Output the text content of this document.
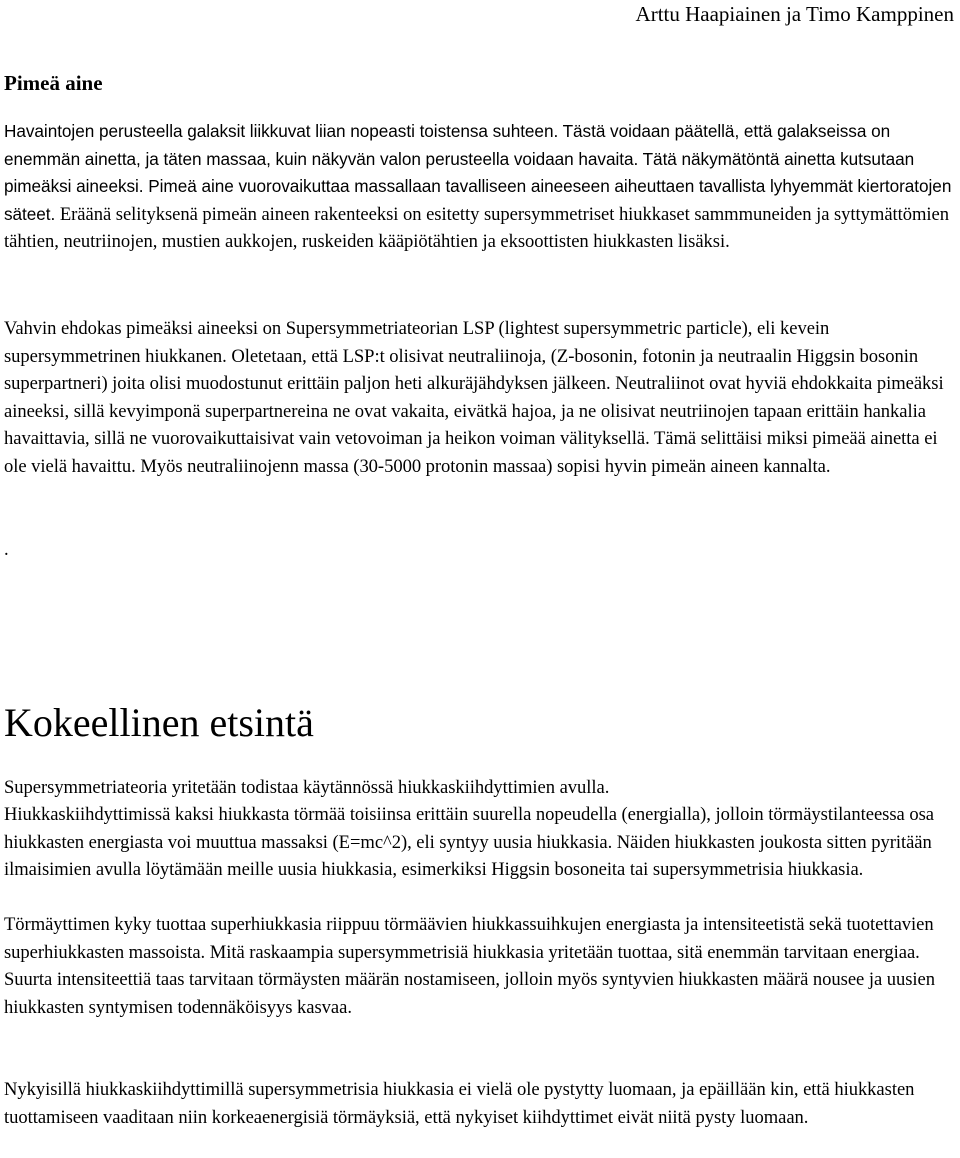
Arttu Haapiainen ja Timo Kamppinen
Pimeä aine

Havaintojen perusteella galaksit liikkuvat liian nopeasti toistensa suhteen. Tästä voidaan päätellä, että galakseissa on enemmän ainetta, ja täten massaa, kuin näkyvän valon perusteella voidaan havaita. Tätä näkymätöntä ainetta kutsutaan pimeäksi aineeksi. Pimeä aine vuorovaikuttaa massallaan tavalliseen aineeseen aiheuttaen tavallista lyhyemmät kiertoratojen säteet. Eräänä selityksenä pimeän aineen rakenteeksi on esitetty supersymmetriset hiukkaset sammmuneiden ja syttymättömien tähtien, neutriinojen, mustien aukkojen, ruskeiden kääpiötähtien ja eksoottisten hiukkasten lisäksi.

Vahvin ehdokas pimeäksi aineeksi on Supersymmetriateorian LSP (lightest supersymmetric particle), eli kevein supersymmetrinen hiukkanen. Oletetaan, että LSP:t olisivat neutraliinoja, (Z-bosonin, fotonin ja neutraalin Higgsin bosonin superpartneri) joita olisi muodostunut erittäin paljon heti alkuräjähdyksen jälkeen. Neutraliinot ovat hyviä ehdokkaita pimeäksi aineeksi, sillä kevyimponä superpartnereina ne ovat vakaita, eivätkä hajoa, ja ne olisivat neutriinojen tapaan erittäin hankalia havaittavia, sillä ne vuorovaikuttaisivat vain vetovoiman ja heikon voiman välityksellä. Tämä selittäisi miksi pimeää ainetta ei ole vielä havaittu. Myös neutraliinojenn massa (30-5000 protonin massaa) sopisi hyvin pimeän aineen kannalta.

.

Kokeellinen etsintä

Supersymmetriateoria yritetään todistaa käytännössä hiukkaskiihdyttimien avulla.

Hiukkaskiihdyttimissä kaksi hiukkasta törmää toisiinsa erittäin suurella nopeudella (energialla), jolloin törmäystilanteessa osa hiukkasten energiasta voi muuttua massaksi (E=mc^2), eli syntyy uusia hiukkasia. Näiden hiukkasten joukosta sitten pyritään ilmaisimien avulla löytämään meille uusia hiukkasia, esimerkiksi Higgsin bosoneita tai supersymmetrisia hiukkasia.

Törmäyttimen kyky tuottaa superhiukkasia riippuu törmäävien hiukkassuihkujen energiasta ja intensiteetistä sekä tuotettavien superhiukkasten massoista. Mitä raskaampia supersymmetrisiä hiukkasia yritetään tuottaa, sitä enemmän tarvitaan energiaa. Suurta intensiteettiä taas tarvitaan törmäysten määrän nostamiseen, jolloin myös syntyvien hiukkasten määrä nousee ja uusien hiukkasten syntymisen todennäköisyys kasvaa.

Nykyisillä hiukkaskiihdyttimillä supersymmetrisia hiukkasia ei vielä ole pystytty luomaan, ja epäillään kin, että hiukkasten tuottamiseen vaaditaan niin korkeaenergisiä törmäyksiä, että nykyiset kiihdyttimet eivät niitä pysty luomaan.
